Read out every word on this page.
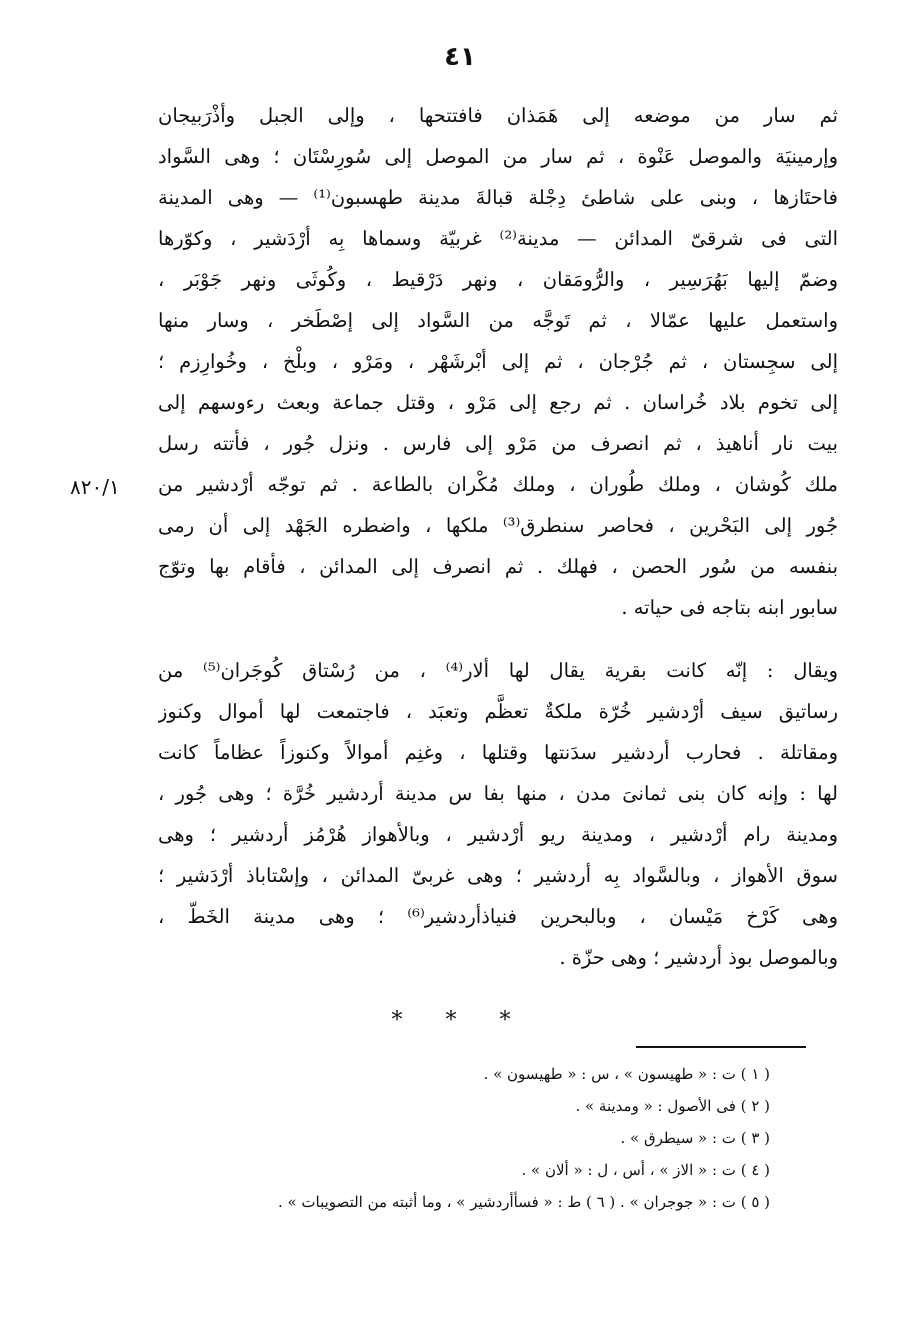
٤١
٨٢٠/١
ثم سار من موضعه إلى هَمَذان فافتتحها ، وإلى الجبل وأذْرَبيجان
وإرمينيَة والموصل عَنْوة ، ثم سار من الموصل إلى سُورِسْتَان ؛ وهى السَّواد
فاحتَازها ، وبنى على شاطئ دِجْلة قبالةَ مدينة طهسبون⁽¹⁾ — وهى المدينة
التى فى شرقىّ المدائن — مدينة⁽²⁾ غربيّة وسماها بِه أرْدَشير ، وكوّرها
وضمّ إليها بَهُرَسِير ، والرُّومَقان ، ونهر دَرْقيط ، وكُوثَى ونهر جَوْبَر ،
واستعمل عليها عمّالا ، ثم تَوجَّه من السَّواد إلى إصْطَخر ، وسار منها
إلى سجِستان ، ثم جُرْجان ، ثم إلى أبْرشَهْر ، ومَرْو ، وبلْخ ، وخُوارِزم ؛
إلى تخوم بلاد خُراسان . ثم رجع إلى مَرْو ، وقتل جماعة وبعث رءوسهم إلى
بيت نار أناهيذ ، ثم انصرف من مَرْو إلى فارس . ونزل جُور ، فأتته رسل
ملك كُوشان ، وملك طُوران ، وملك مُكْران بالطاعة . ثم توجّه أرْدشير من
جُور إلى البَحْرين ، فحاصر سنطرق⁽³⁾ ملكها ، واضطره الجَهْد إلى أن رمى
بنفسه من سُور الحصن ، فهلك . ثم انصرف إلى المدائن ، فأقام بها وتوّج
سابور ابنه بتاجه فى حياته .
ويقال : إنّه كانت بقرية يقال لها ألار⁽⁴⁾ ، من رُسْتاق كُوجَران⁽⁵⁾ من
رساتيق سيف أرْدشير خُرّة ملكةٌ تعظَّم وتعبَد ، فاجتمعت لها أموال وكنوز
ومقاتلة . فحارب أردشير سدَنتها وقتلها ، وغنِم أموالاً وكنوزاً عظاماً كانت
لها : وإنه كان بنى ثمانىَ مدن ، منها بفا س مدينة أردشير خُرَّة ؛ وهى جُور ،
ومدينة رام أرْدشير ، ومدينة ريو أرْدشير ، وبالأهواز هُرْمُز أردشير ؛ وهى
سوق الأهواز ، وبالسَّواد بِه أردشير ؛ وهى غربىّ المدائن ، وإسْتاباذ أرْدَشير ؛
وهى كَرْخ مَيْسان ، وبالبحرين فنياذأردشير⁽⁶⁾ ؛ وهى مدينة الخَطّ ،
وبالموصل بوذ أردشير ؛ وهى حزّة .
* * *
( ١ ) ت : « طهيسون » ، س : « طهيسون » .
( ٢ ) فى الأصول : « ومدينة » .
( ٣ ) ت : « سيطرق » .
( ٤ ) ت : « الاز » ، أس ، ل : « ألان » .
( ٥ ) ت : « جوجران » . ( ٦ ) ط : « فسأأردشير » ، وما أثبته من التصويبات » .
